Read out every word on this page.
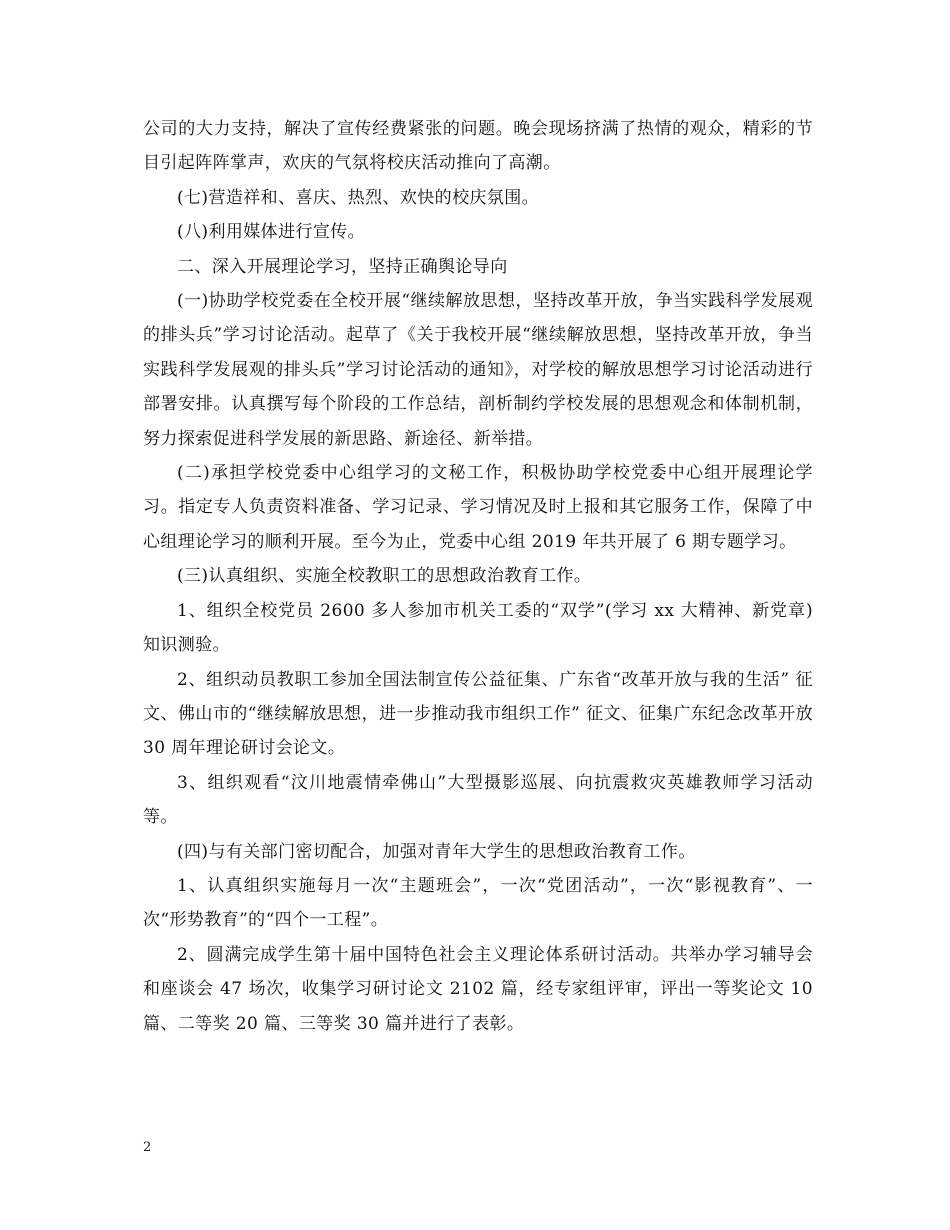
公司的大力支持，解决了宣传经费紧张的问题。晚会现场挤满了热情的观众，精彩的节目引起阵阵掌声，欢庆的气氛将校庆活动推向了高潮。

(七)营造祥和、喜庆、热烈、欢快的校庆氛围。

(八)利用媒体进行宣传。

二、深入开展理论学习，坚持正确舆论导向

(一)协助学校党委在全校开展“继续解放思想，坚持改革开放，争当实践科学发展观的排头兵”学习讨论活动。起草了《关于我校开展“继续解放思想，坚持改革开放，争当实践科学发展观的排头兵”学习讨论活动的通知》，对学校的解放思想学习讨论活动进行部署安排。认真撰写每个阶段的工作总结，剖析制约学校发展的思想观念和体制机制，努力探索促进科学发展的新思路、新途径、新举措。

(二)承担学校党委中心组学习的文秘工作，积极协助学校党委中心组开展理论学习。指定专人负责资料准备、学习记录、学习情况及时上报和其它服务工作，保障了中心组理论学习的顺利开展。至今为止，党委中心组 2019 年共开展了 6 期专题学习。

(三)认真组织、实施全校教职工的思想政治教育工作。

1、组织全校党员 2600 多人参加市机关工委的“双学”(学习 xx 大精神、新党章)知识测验。

2、组织动员教职工参加全国法制宣传公益征集、广东省“改革开放与我的生活” 征文、佛山市的“继续解放思想，进一步推动我市组织工作” 征文、征集广东纪念改革开放 30 周年理论研讨会论文。

3、组织观看“汶川地震情牵佛山”大型摄影巡展、向抗震救灾英雄教师学习活动等。

(四)与有关部门密切配合，加强对青年大学生的思想政治教育工作。

1、认真组织实施每月一次“主题班会”，一次“党团活动”，一次“影视教育”、一次“形势教育”的“四个一工程”。

2、圆满完成学生第十届中国特色社会主义理论体系研讨活动。共举办学习辅导会和座谈会 47 场次，收集学习研讨论文 2102 篇，经专家组评审，评出一等奖论文 10 篇、二等奖 20 篇、三等奖 30 篇并进行了表彰。

2
